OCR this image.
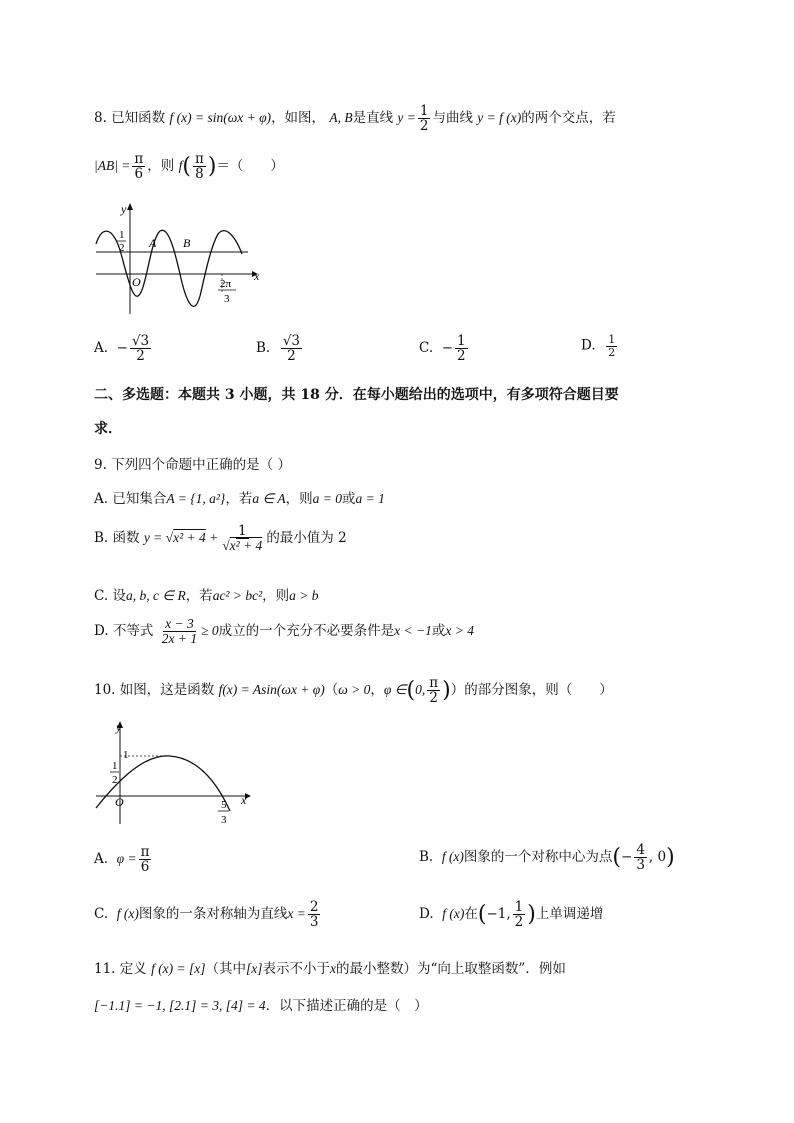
8. 已知函数 f (x) = sin(ωx + φ)，如图， A, B是直线 $y = \frac{1}{2}$ 与曲线 y = f (x)的两个交点，若
$|AB| = \frac{\pi}{6}$ ，则 $f( \frac{\pi}{8}$ )＝（　　）
y
x
O
1
2 A B
2π
3
A. − $\frac{√3}{2}$	B. $\frac{√3}{2}$	C. − $\frac{1}{2}$	D. $\frac{1}{2}$
二、多选题：本题共 3 小题，共 18 分．在每小题给出的选项中，有多项符合题目要
求．
9. 下列四个命题中正确的是（ ）
A. 已知集合A = {1, a²}，若a ∈ A，则a = 0或a = 1
B. 函数 $y = √x^2 + 4 + \frac{1}{\text{√x² + 4}}$ 的最小值为 2
C. 设a, b, c ∈ R，若ac² > bc²，则a > b
D. 不等式 $\frac{x - 3}{2x + 1} \ge 0$成立的一个充分不必要条件是x < −1或x > 4
10. 如图，这是函数 f(x) = Asin(ωx + φ)（ω > 0，φ ∈(0, $\frac{\pi}{2}$ )）的部分图象，则（　　）
y
x
O
1
1
2
5
3
A. $\varphi = \frac{\pi}{6}$	B. f (x)图象的一个对称中心为点(− $\frac{4}{3}$ , 0)
C. f (x)图象的一条对称轴为直线$x = \frac{2}{3}$	D. f (x)在(−1, $\frac{1}{2}$ )上单调递增
11. 定义 f (x) = [x]（其中[x]表示不小于x的最小整数）为“向上取整函数”．例如
[−1.1] = −1, [2.1] = 3, [4] = 4．以下描述正确的是（　）
